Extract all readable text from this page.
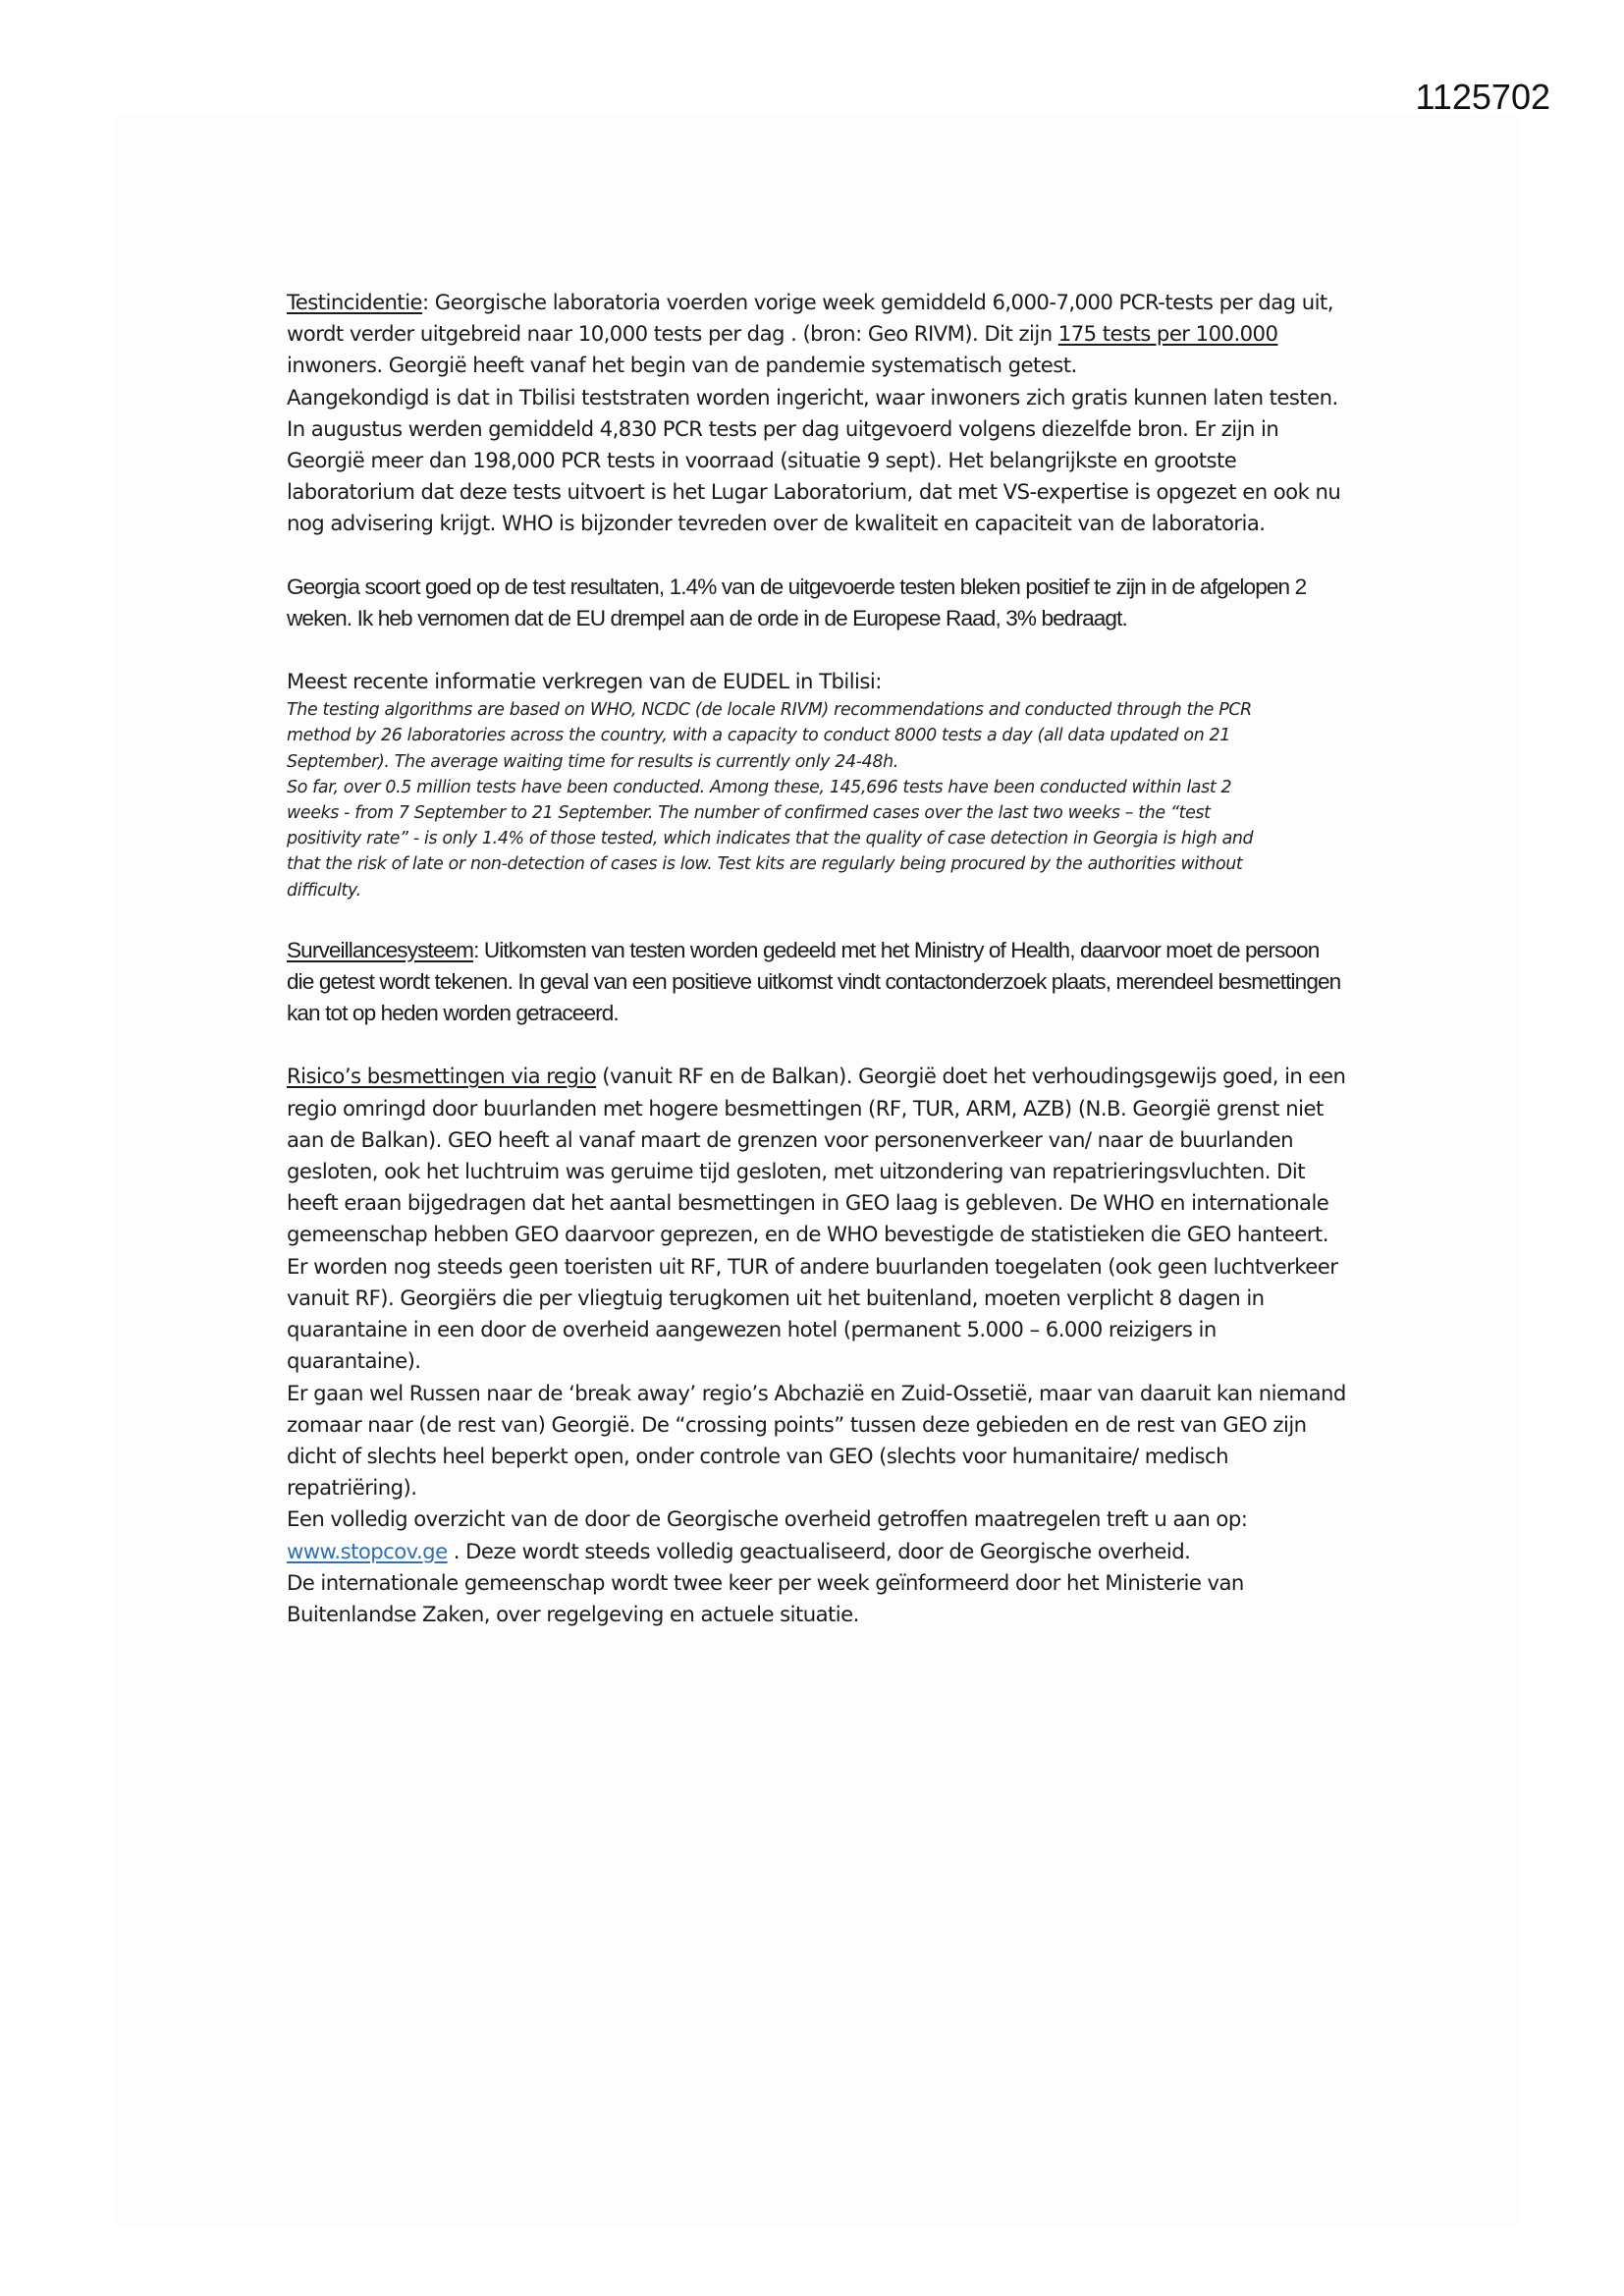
1125702

Testincidentie: Georgische laboratoria voerden vorige week gemiddeld 6,000-7,000 PCR-tests per dag uit, wordt verder uitgebreid naar 10,000 tests per dag . (bron: Geo RIVM). Dit zijn 175 tests per 100.000 inwoners. Georgië heeft vanaf het begin van de pandemie systematisch getest.

Aangekondigd is dat in Tbilisi teststraten worden ingericht, waar inwoners zich gratis kunnen laten testen.

In augustus werden gemiddeld 4,830 PCR tests per dag uitgevoerd volgens diezelfde bron. Er zijn in Georgië meer dan 198,000 PCR tests in voorraad (situatie 9 sept). Het belangrijkste en grootste laboratorium dat deze tests uitvoert is het Lugar Laboratorium, dat met VS-expertise is opgezet en ook nu nog advisering krijgt. WHO is bijzonder tevreden over de kwaliteit en capaciteit van de laboratoria.

Georgia scoort goed op de test resultaten, 1.4% van de uitgevoerde testen bleken positief te zijn in de afgelopen 2 weken. Ik heb vernomen dat de EU drempel aan de orde in de Europese Raad, 3% bedraagt.

Meest recente informatie verkregen van de EUDEL in Tbilisi:

The testing algorithms are based on WHO, NCDC (de locale RIVM) recommendations and conducted through the PCR method by 26 laboratories across the country, with a capacity to conduct 8000 tests a day (all data updated on 21 September). The average waiting time for results is currently only 24-48h.

So far, over 0.5 million tests have been conducted. Among these, 145,696 tests have been conducted within last 2 weeks - from 7 September to 21 September. The number of confirmed cases over the last two weeks – the “test positivity rate” - is only 1.4% of those tested, which indicates that the quality of case detection in Georgia is high and that the risk of late or non-detection of cases is low. Test kits are regularly being procured by the authorities without difficulty.

Surveillancesysteem: Uitkomsten van testen worden gedeeld met het Ministry of Health, daarvoor moet de persoon die getest wordt tekenen. In geval van een positieve uitkomst vindt contactonderzoek plaats, merendeel besmettingen kan tot op heden worden getraceerd.

Risico’s besmettingen via regio (vanuit RF en de Balkan). Georgië doet het verhoudingsgewijs goed, in een regio omringd door buurlanden met hogere besmettingen (RF, TUR, ARM, AZB) (N.B. Georgië grenst niet aan de Balkan). GEO heeft al vanaf maart de grenzen voor personenverkeer van/ naar de buurlanden gesloten, ook het luchtruim was geruime tijd gesloten, met uitzondering van repatrieringsvluchten. Dit heeft eraan bijgedragen dat het aantal besmettingen in GEO laag is gebleven. De WHO en internationale gemeenschap hebben GEO daarvoor geprezen, en de WHO bevestigde de statistieken die GEO hanteert. Er worden nog steeds geen toeristen uit RF, TUR of andere buurlanden toegelaten (ook geen luchtverkeer vanuit RF). Georgiërs die per vliegtuig terugkomen uit het buitenland, moeten verplicht 8 dagen in quarantaine in een door de overheid aangewezen hotel (permanent 5.000 – 6.000 reizigers in quarantaine).

Er gaan wel Russen naar de ‘break away’ regio’s Abchazië en Zuid-Ossetië, maar van daaruit kan niemand zomaar naar (de rest van) Georgië. De “crossing points” tussen deze gebieden en de rest van GEO zijn dicht of slechts heel beperkt open, onder controle van GEO (slechts voor humanitaire/ medisch repatriëring).

Een volledig overzicht van de door de Georgische overheid getroffen maatregelen treft u aan op: www.stopcov.ge . Deze wordt steeds volledig geactualiseerd, door de Georgische overheid.

De internationale gemeenschap wordt twee keer per week geïnformeerd door het Ministerie van Buitenlandse Zaken, over regelgeving en actuele situatie.
